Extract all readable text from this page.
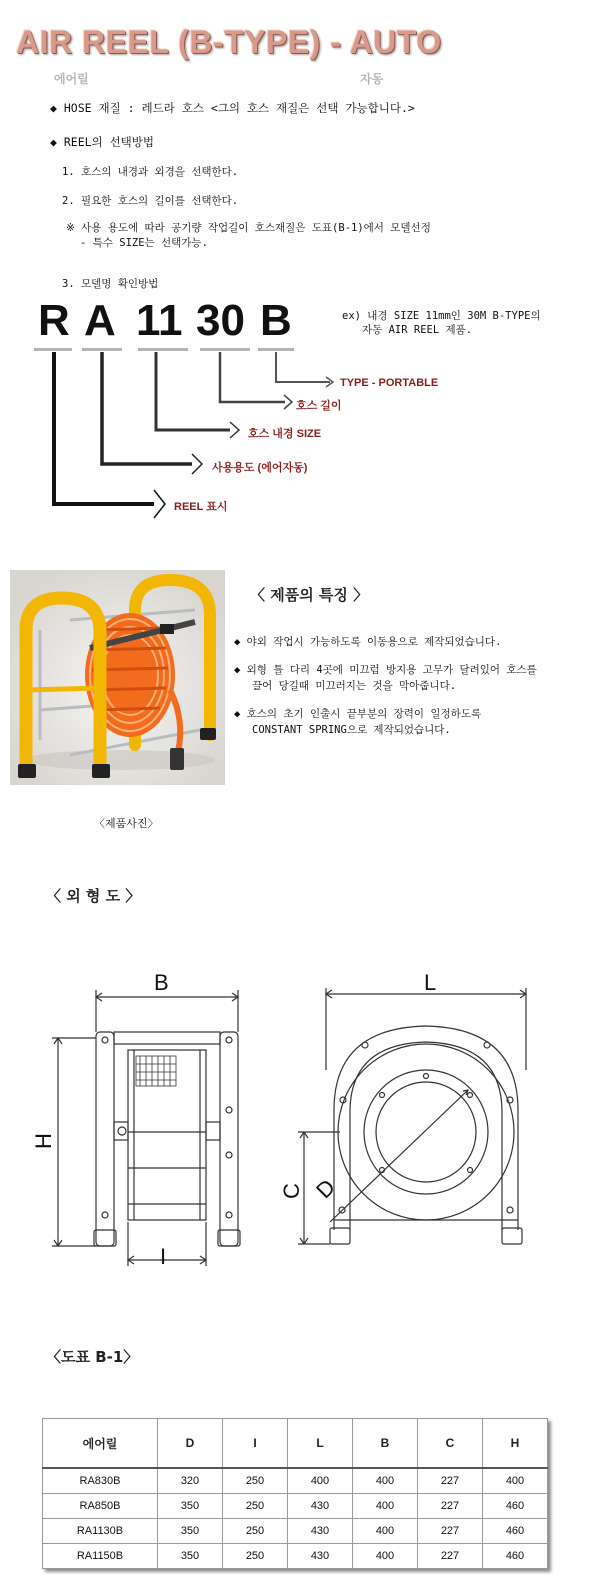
AIR REEL (B-TYPE) - AUTO
에어릴	자동
◆ HOSE 재질 : 레드라 호스 <그의 호스 재질은 선택 가능합니다.>
◆ REEL의 선택방법
1. 호스의 내경과 외경을 선택한다.
2. 필요한 호스의 길이를 선택한다.
※ 사용 용도에 따라 공기량 작업길이 호스재질은 도표(B-1)에서 모델선정
- 특수 SIZE는 선택가능.
3. 모델명 확인방법
R A 11 30 B	ex) 내경 SIZE 11mm인 30M B-TYPE의
자동 AIR REEL 제품.
TYPE - PORTABLE
호스 길이
호스 내경 SIZE
사용용도 (에어자동)
REEL 표시
〈제품사진〉
〈 제품의 특징 〉
◆ 야외 작업시 가능하도록 이동용으로 제작되었습니다.
◆ 외형 틀 다리 4곳에 미끄럼 방지용 고무가 달려있어 호스를
끌어 당길때 미끄러지는 것을 막아줍니다.
◆ 호스의 초기 인출시 끝부분의 장력이 일정하도록
CONSTANT SPRING으로 제작되었습니다.
〈 외 형 도 〉
B
H
I
L
C D
〈도표 B-1〉
에어릴	D	I	L	B	C	H
RA830B	320	250	400	400	227	400
RA850B	350	250	430	400	227	460
RA1130B	350	250	430	400	227	460
RA1150B	350	250	430	400	227	460
